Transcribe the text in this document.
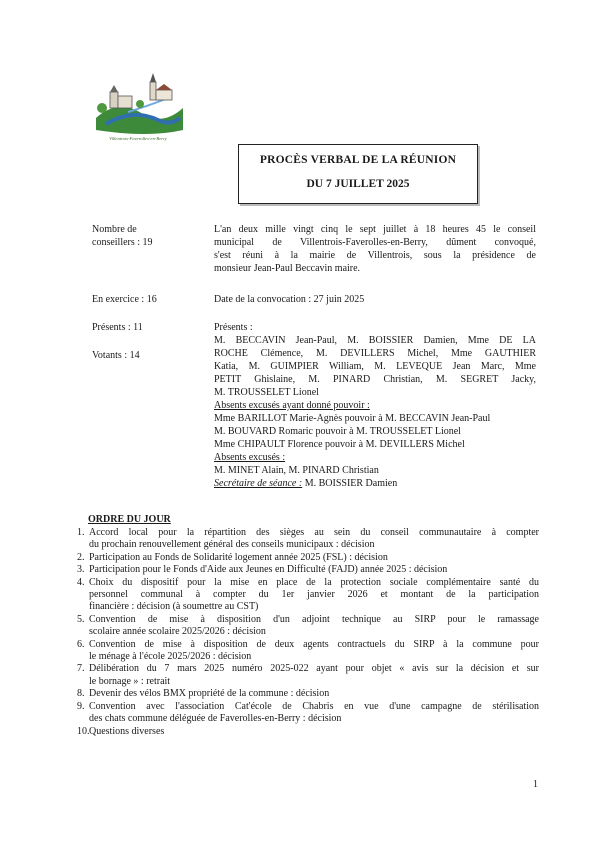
Villentrois-Faverolles-en-Berry
PROCÈS VERBAL DE LA RÉUNION
DU 7 JUILLET 2025
Nombre de
conseillers : 19
En exercice : 16
Présents : 11
Votants : 14
L'an deux mille vingt cinq le sept juillet à 18 heures 45 le conseil
municipal de Villentrois-Faverolles-en-Berry, dûment convoqué,
s'est réuni à la mairie de Villentrois, sous la présidence de
monsieur Jean-Paul Beccavin maire.
Date de la convocation : 27 juin 2025
Présents :
M. BECCAVIN Jean-Paul, M. BOISSIER Damien, Mme DE LA
ROCHE Clémence, M. DEVILLERS Michel, Mme GAUTHIER
Katia, M. GUIMPIER William, M. LEVEQUE Jean Marc, Mme
PETIT Ghislaine, M. PINARD Christian, M. SEGRET Jacky,
M. TROUSSELET Lionel
Absents excusés ayant donné pouvoir :
Mme BARILLOT Marie-Agnès pouvoir à M. BECCAVIN Jean-Paul
M. BOUVARD Romaric pouvoir à M. TROUSSELET Lionel
Mme CHIPAULT Florence pouvoir à M. DEVILLERS Michel
Absents excusés :
M. MINET Alain, M. PINARD Christian
Secrétaire de séance : M. BOISSIER Damien
ORDRE DU JOUR
1. Accord local pour la répartition des sièges au sein du conseil communautaire à compter
du prochain renouvellement général des conseils municipaux : décision
2. Participation au Fonds de Solidarité logement année 2025 (FSL) : décision
3. Participation pour le Fonds d'Aide aux Jeunes en Difficulté (FAJD) année 2025 : décision
4. Choix du dispositif pour la mise en place de la protection sociale complémentaire santé du
personnel communal à compter du 1er janvier 2026 et montant de la participation
financière : décision (à soumettre au CST)
5. Convention de mise à disposition d'un adjoint technique au SIRP pour le ramassage
scolaire année scolaire 2025/2026 : décision
6. Convention de mise à disposition de deux agents contractuels du SIRP à la commune pour
le ménage à l'école 2025/2026 : décision
7. Délibération du 7 mars 2025 numéro 2025-022 ayant pour objet « avis sur la décision et sur
le bornage » : retrait
8. Devenir des vélos BMX propriété de la commune : décision
9. Convention avec l'association Cat'école de Chabris en vue d'une campagne de stérilisation
des chats commune déléguée de Faverolles-en-Berry : décision
10. Questions diverses
1
